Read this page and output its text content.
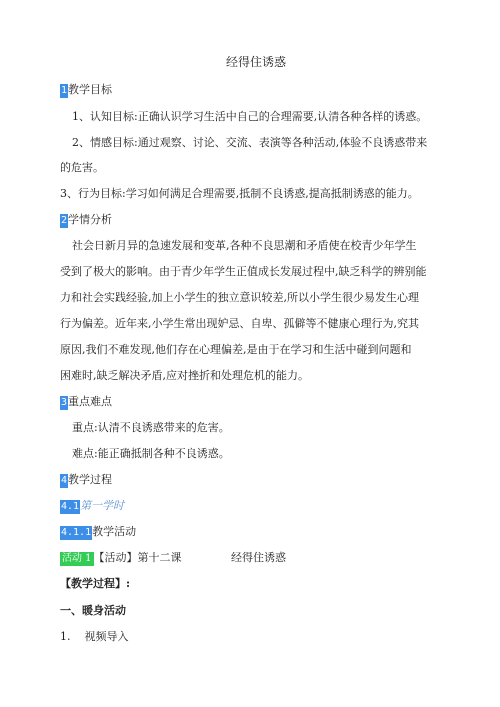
经得住诱惑
1教学目标
1、认知目标:正确认识学习生活中自己的合理需要,认清各种各样的诱惑。
2、情感目标:通过观察、讨论、交流、表演等各种活动,体验不良诱惑带来
的危害。
3、行为目标:学习如何满足合理需要,抵制不良诱惑,提高抵制诱惑的能力。
2学情分析
社会日新月异的急速发展和变革,各种不良思潮和矛盾使在校青少年学生
受到了极大的影响。由于青少年学生正值成长发展过程中,缺乏科学的辨别能
力和社会实践经验,加上小学生的独立意识较差,所以小学生很少易发生心理
行为偏差。近年来,小学生常出现妒忌、自卑、孤僻等不健康心理行为,究其
原因,我们不难发现,他们存在心理偏差,是由于在学习和生活中碰到问题和
困难时,缺乏解决矛盾,应对挫折和处理危机的能力。
3重点难点
重点:认清不良诱惑带来的危害。
难点:能正确抵制各种不良诱惑。
4教学过程
4.1第一学时
4.1.1教学活动
活动 1 【活动】第十二课	经得住诱惑
【教学过程】:
一、暖身活动
1. 视频导入
